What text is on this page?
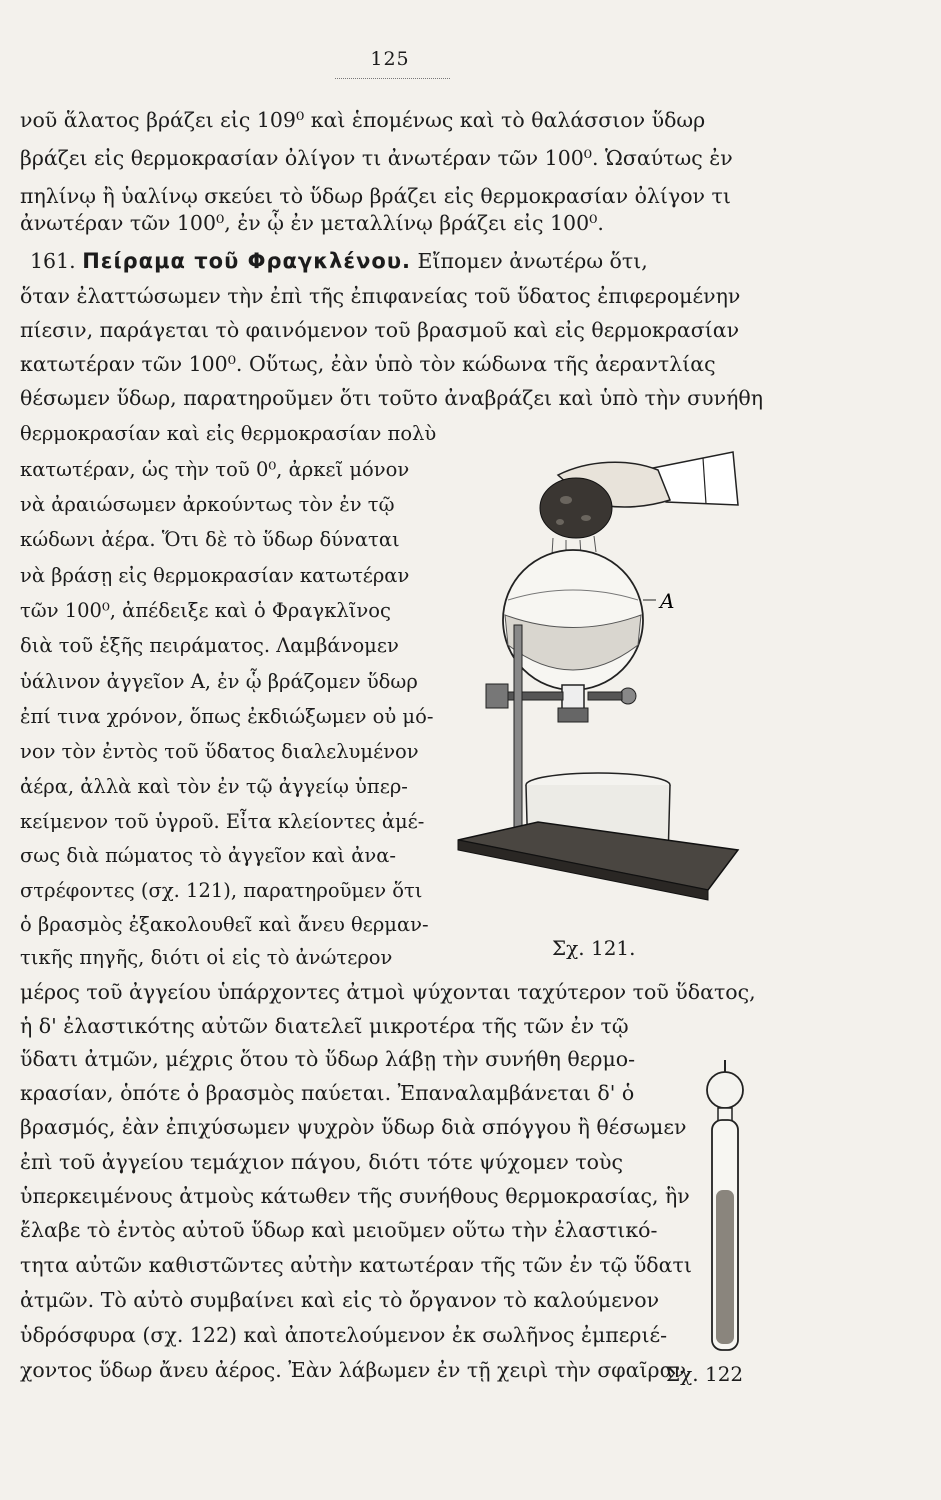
125
νοῦ ἅλατος βράζει εἰς 109⁰ καὶ ἑπομένως καὶ τὸ θαλάσσιον ὕδωρ
βράζει εἰς θερμοκρασίαν ὀλίγον τι ἀνωτέραν τῶν 100⁰. Ὡσαύτως ἐν
πηλίνῳ ἢ ὑαλίνῳ σκεύει τὸ ὕδωρ βράζει εἰς θερμοκρασίαν ὀλίγον τι
ἀνωτέραν τῶν 100⁰, ἐν ᾧ ἐν μεταλλίνῳ βράζει εἰς 100⁰.
161. Πείραμα τοῦ Φραγκλένου. Εἴπομεν ἀνωτέρω ὅτι,
ὅταν ἐλαττώσωμεν τὴν ἐπὶ τῆς ἐπιφανείας τοῦ ὕδατος ἐπιφερομένην
πίεσιν, παράγεται τὸ φαινόμενον τοῦ βρασμοῦ καὶ εἰς θερμοκρασίαν
κατωτέραν τῶν 100⁰. Οὕτως, ἐὰν ὑπὸ τὸν κώδωνα τῆς ἀεραντλίας
θέσωμεν ὕδωρ, παρατηροῦμεν ὅτι τοῦτο ἀναβράζει καὶ ὑπὸ τὴν συνήθη
θερμοκρασίαν καὶ εἰς θερμοκρασίαν πολὺ
κατωτέραν, ὡς τὴν τοῦ 0⁰, ἀρκεῖ μόνον
νὰ ἀραιώσωμεν ἀρκούντως τὸν ἐν τῷ
κώδωνι ἀέρα. Ὅτι δὲ τὸ ὕδωρ δύναται
νὰ βράσῃ εἰς θερμοκρασίαν κατωτέραν
τῶν 100⁰, ἀπέδειξε καὶ ὁ Φραγκλῖνος
διὰ τοῦ ἑξῆς πειράματος. Λαμβάνομεν
ὑάλινον ἀγγεῖον Α, ἐν ᾧ βράζομεν ὕδωρ
ἐπί τινα χρόνον, ὅπως ἐκδιώξωμεν οὐ μό-
νον τὸν ἐντὸς τοῦ ὕδατος διαλελυμένον
ἀέρα, ἀλλὰ καὶ τὸν ἐν τῷ ἀγγείῳ ὑπερ-
κείμενον τοῦ ὑγροῦ. Εἶτα κλείοντες ἀμέ-
σως διὰ πώματος τὸ ἀγγεῖον καὶ ἀνα-
στρέφοντες (σχ. 121), παρατηροῦμεν ὅτι
ὁ βρασμὸς ἐξακολουθεῖ καὶ ἄνευ θερμαν-
τικῆς πηγῆς, διότι οἱ εἰς τὸ ἀνώτερον
μέρος τοῦ ἀγγείου ὑπάρχοντες ἀτμοὶ ψύχονται ταχύτερον τοῦ ὕδατος,
ἡ δ' ἐλαστικότης αὐτῶν διατελεῖ μικροτέρα τῆς τῶν ἐν τῷ
ὕδατι ἀτμῶν, μέχρις ὅτου τὸ ὕδωρ λάβῃ τὴν συνήθη θερμο-
κρασίαν, ὁπότε ὁ βρασμὸς παύεται. Ἐπαναλαμβάνεται δ' ὁ
βρασμός, ἐὰν ἐπιχύσωμεν ψυχρὸν ὕδωρ διὰ σπόγγου ἢ θέσωμεν
ἐπὶ τοῦ ἀγγείου τεμάχιον πάγου, διότι τότε ψύχομεν τοὺς
ὑπερκειμένους ἀτμοὺς κάτωθεν τῆς συνήθους θερμοκρασίας, ἣν
ἔλαβε τὸ ἐντὸς αὐτοῦ ὕδωρ καὶ μειοῦμεν οὕτω τὴν ἐλαστικό-
τητα αὐτῶν καθιστῶντες αὐτὴν κατωτέραν τῆς τῶν ἐν τῷ ὕδατι
ἀτμῶν. Τὸ αὐτὸ συμβαίνει καὶ εἰς τὸ ὄργανον τὸ καλούμενον
ὑδρόσφυρα (σχ. 122) καὶ ἀποτελούμενον ἐκ σωλῆνος ἐμπεριέ-
χοντος ὕδωρ ἄνευ ἀέρος. Ἐὰν λάβωμεν ἐν τῇ χειρὶ τὴν σφαῖραν
Α
Σχ. 121.
Σχ. 122
